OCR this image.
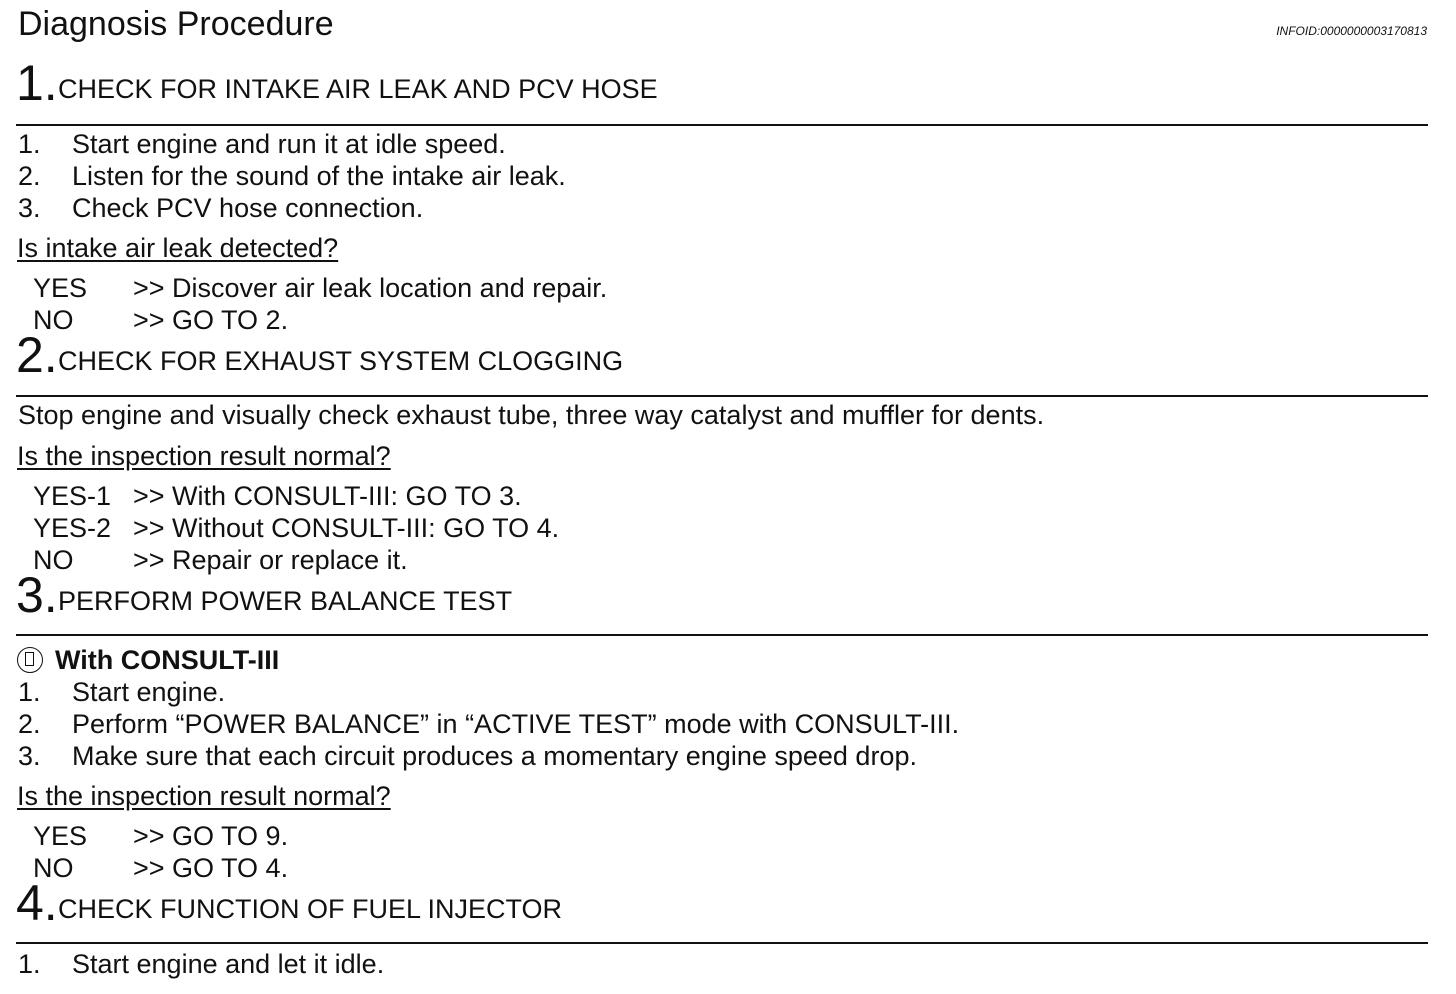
Diagnosis Procedure	INFOID:0000000003170813
1. CHECK FOR INTAKE AIR LEAK AND PCV HOSE
1. Start engine and run it at idle speed.
2. Listen for the sound of the intake air leak.
3. Check PCV hose connection.
Is intake air leak detected?
YES >> Discover air leak location and repair.
NO >> GO TO 2.
2. CHECK FOR EXHAUST SYSTEM CLOGGING
Stop engine and visually check exhaust tube, three way catalyst and muffler for dents.
Is the inspection result normal?
YES-1 >> With CONSULT-III: GO TO 3.
YES-2 >> Without CONSULT-III: GO TO 4.
NO >> Repair or replace it.
3. PERFORM POWER BALANCE TEST
With CONSULT-III
1. Start engine.
2. Perform “POWER BALANCE” in “ACTIVE TEST” mode with CONSULT-III.
3. Make sure that each circuit produces a momentary engine speed drop.
Is the inspection result normal?
YES >> GO TO 9.
NO >> GO TO 4.
4. CHECK FUNCTION OF FUEL INJECTOR
1. Start engine and let it idle.
